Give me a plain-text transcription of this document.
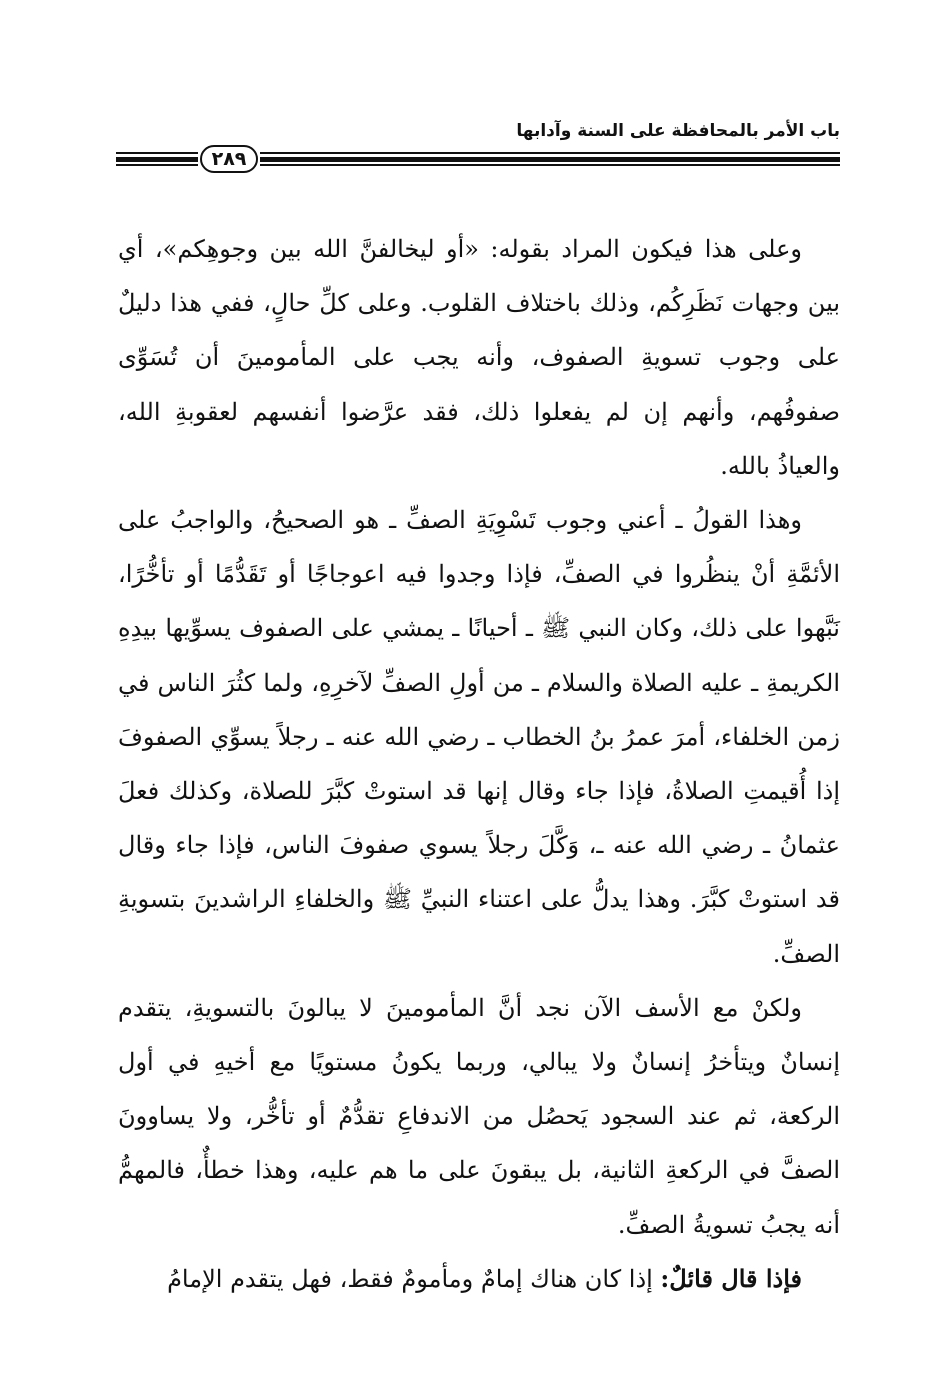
باب الأمر بالمحافظة على السنة وآدابها
٢٨٩

وعلى هذا فيكون المراد بقوله: «أو ليخالفنَّ الله بين وجوهِكم»، أي بين وجهات نَظَرِكُم، وذلك باختلاف القلوب. وعلى كلِّ حالٍ، ففي هذا دليلٌ على وجوب تسويةِ الصفوف، وأنه يجب على المأمومينَ أن تُسَوِّى صفوفُهم، وأنهم إن لم يفعلوا ذلك، فقد عرَّضوا أنفسهم لعقوبةِ الله، والعياذُ بالله.

وهذا القولُ ـ أعني وجوب تَسْوِيَةِ الصفِّ ـ هو الصحيحُ، والواجبُ على الأئمَّةِ أنْ ينظُروا في الصفِّ، فإذا وجدوا فيه اعوجاجًا أو تَقَدُّمًا أو تأخُّرًا، نَبَّهوا على ذلك، وكان النبي ﷺ ـ أحيانًا ـ يمشي على الصفوف يسوِّيها بيدِهِ الكريمةِ ـ عليه الصلاة والسلام ـ من أولِ الصفِّ لآخرِهِ، ولما كثُرَ الناس في زمن الخلفاء، أمرَ عمرُ بنُ الخطاب ـ رضي الله عنه ـ رجلاً يسوِّي الصفوفَ إذا أُقيمتِ الصلاةُ، فإذا جاء وقال إنها قد استوتْ كبَّرَ للصلاة، وكذلك فعلَ عثمانُ ـ رضي الله عنه ـ، وَكَّلَ رجلاً يسوي صفوفَ الناس، فإذا جاء وقال قد استوتْ كبَّرَ. وهذا يدلُّ على اعتناء النبيِّ ﷺ والخلفاءِ الراشدينَ بتسويةِ الصفِّ.

ولكنْ مع الأسف الآن نجد أنَّ المأمومينَ لا يبالونَ بالتسويةِ، يتقدم إنسانٌ ويتأخرُ إنسانٌ ولا يبالي، وربما يكونُ مستويًا مع أخيهِ في أول الركعة، ثم عند السجود يَحصُل من الاندفاعِ تقدُّمٌ أو تأخُّر، ولا يساوونَ الصفَّ في الركعةِ الثانية، بل يبقونَ على ما هم عليه، وهذا خطأٌ، فالمهمُّ أنه يجبُ تسويةُ الصفِّ.

فإذا قال قائلٌ: إذا كان هناك إمامٌ ومأمومٌ فقط، فهل يتقدم الإمامُ
